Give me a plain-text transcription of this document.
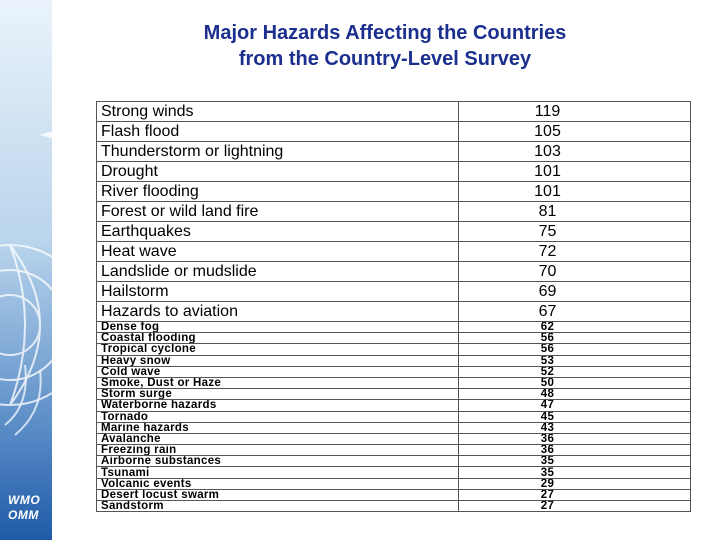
WMO
OMM
Major Hazards Affecting the Countries
from the Country-Level Survey
Strong winds	119
Flash flood	105
Thunderstorm or lightning	103
Drought	101
River flooding	101
Forest or wild land fire	81
Earthquakes	75
Heat wave	72
Landslide or mudslide	70
Hailstorm	69
Hazards to aviation	67
Dense fog	62
Coastal flooding	56
Tropical cyclone	56
Heavy snow	53
Cold wave	52
Smoke, Dust or Haze	50
Storm surge	48
Waterborne hazards	47
Tornado	45
Marine hazards	43
Avalanche	36
Freezing rain	36
Airborne substances	35
Tsunami	35
Volcanic events	29
Desert locust swarm	27
Sandstorm	27
